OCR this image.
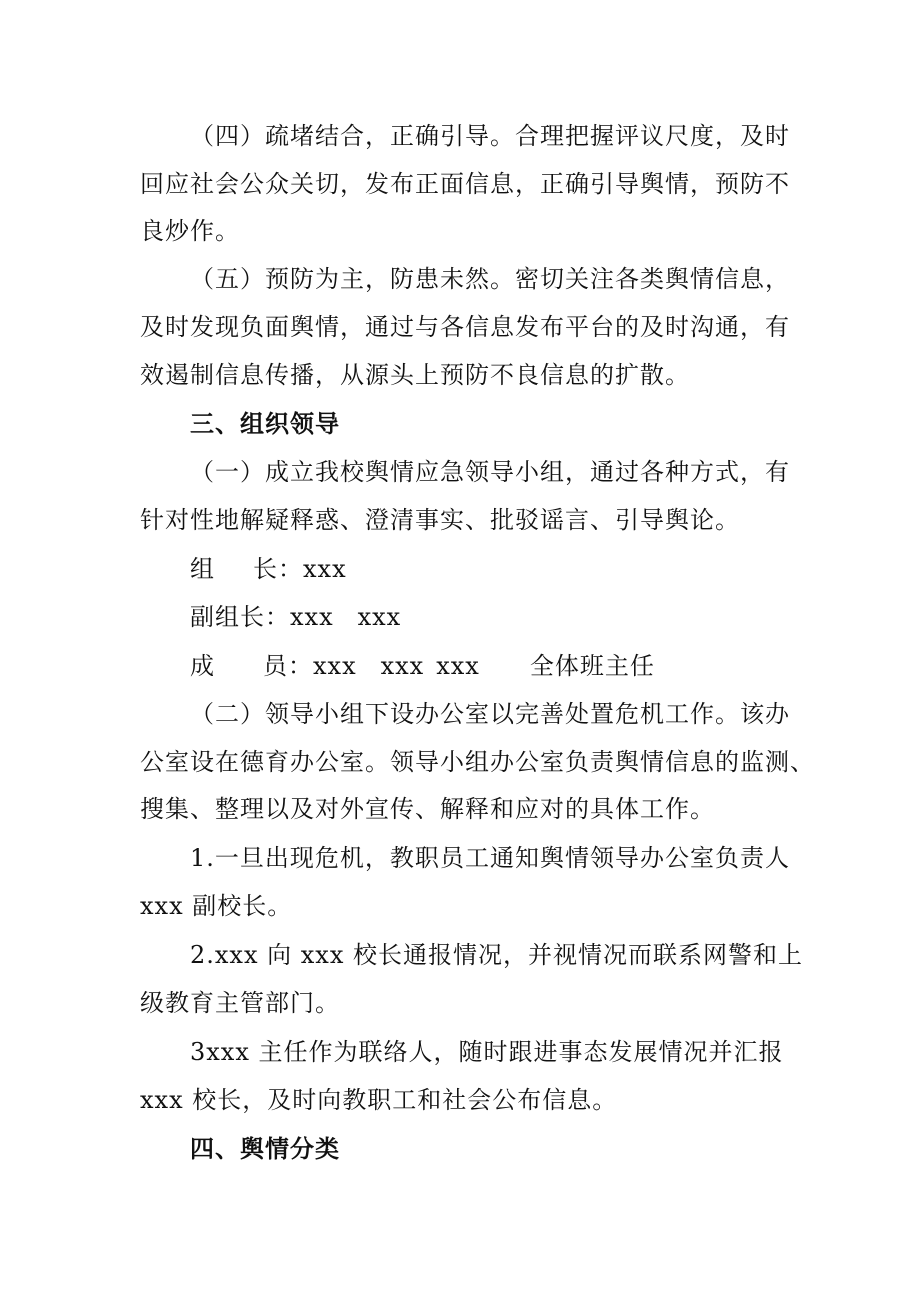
（四）疏堵结合，正确引导。合理把握评议尺度，及时
回应社会公众关切，发布正面信息，正确引导舆情，预防不
良炒作。
（五）预防为主，防患未然。密切关注各类舆情信息，
及时发现负面舆情，通过与各信息发布平台的及时沟通，有
效遏制信息传播，从源头上预防不良信息的扩散。
三、组织领导
（一）成立我校舆情应急领导小组，通过各种方式，有
针对性地解疑释惑、澄清事实、批驳谣言、引导舆论。
组 长：xxx
副组长：xxx xxx
成 员：xxx xxx xxx 全体班主任
（二）领导小组下设办公室以完善处置危机工作。该办
公室设在德育办公室。领导小组办公室负责舆情信息的监测、
搜集、整理以及对外宣传、解释和应对的具体工作。
1.一旦出现危机，教职员工通知舆情领导办公室负责人
xxx 副校长。
2.xxx 向 xxx 校长通报情况，并视情况而联系网警和上
级教育主管部门。
3xxx 主任作为联络人，随时跟进事态发展情况并汇报
xxx 校长，及时向教职工和社会公布信息。
四、舆情分类
